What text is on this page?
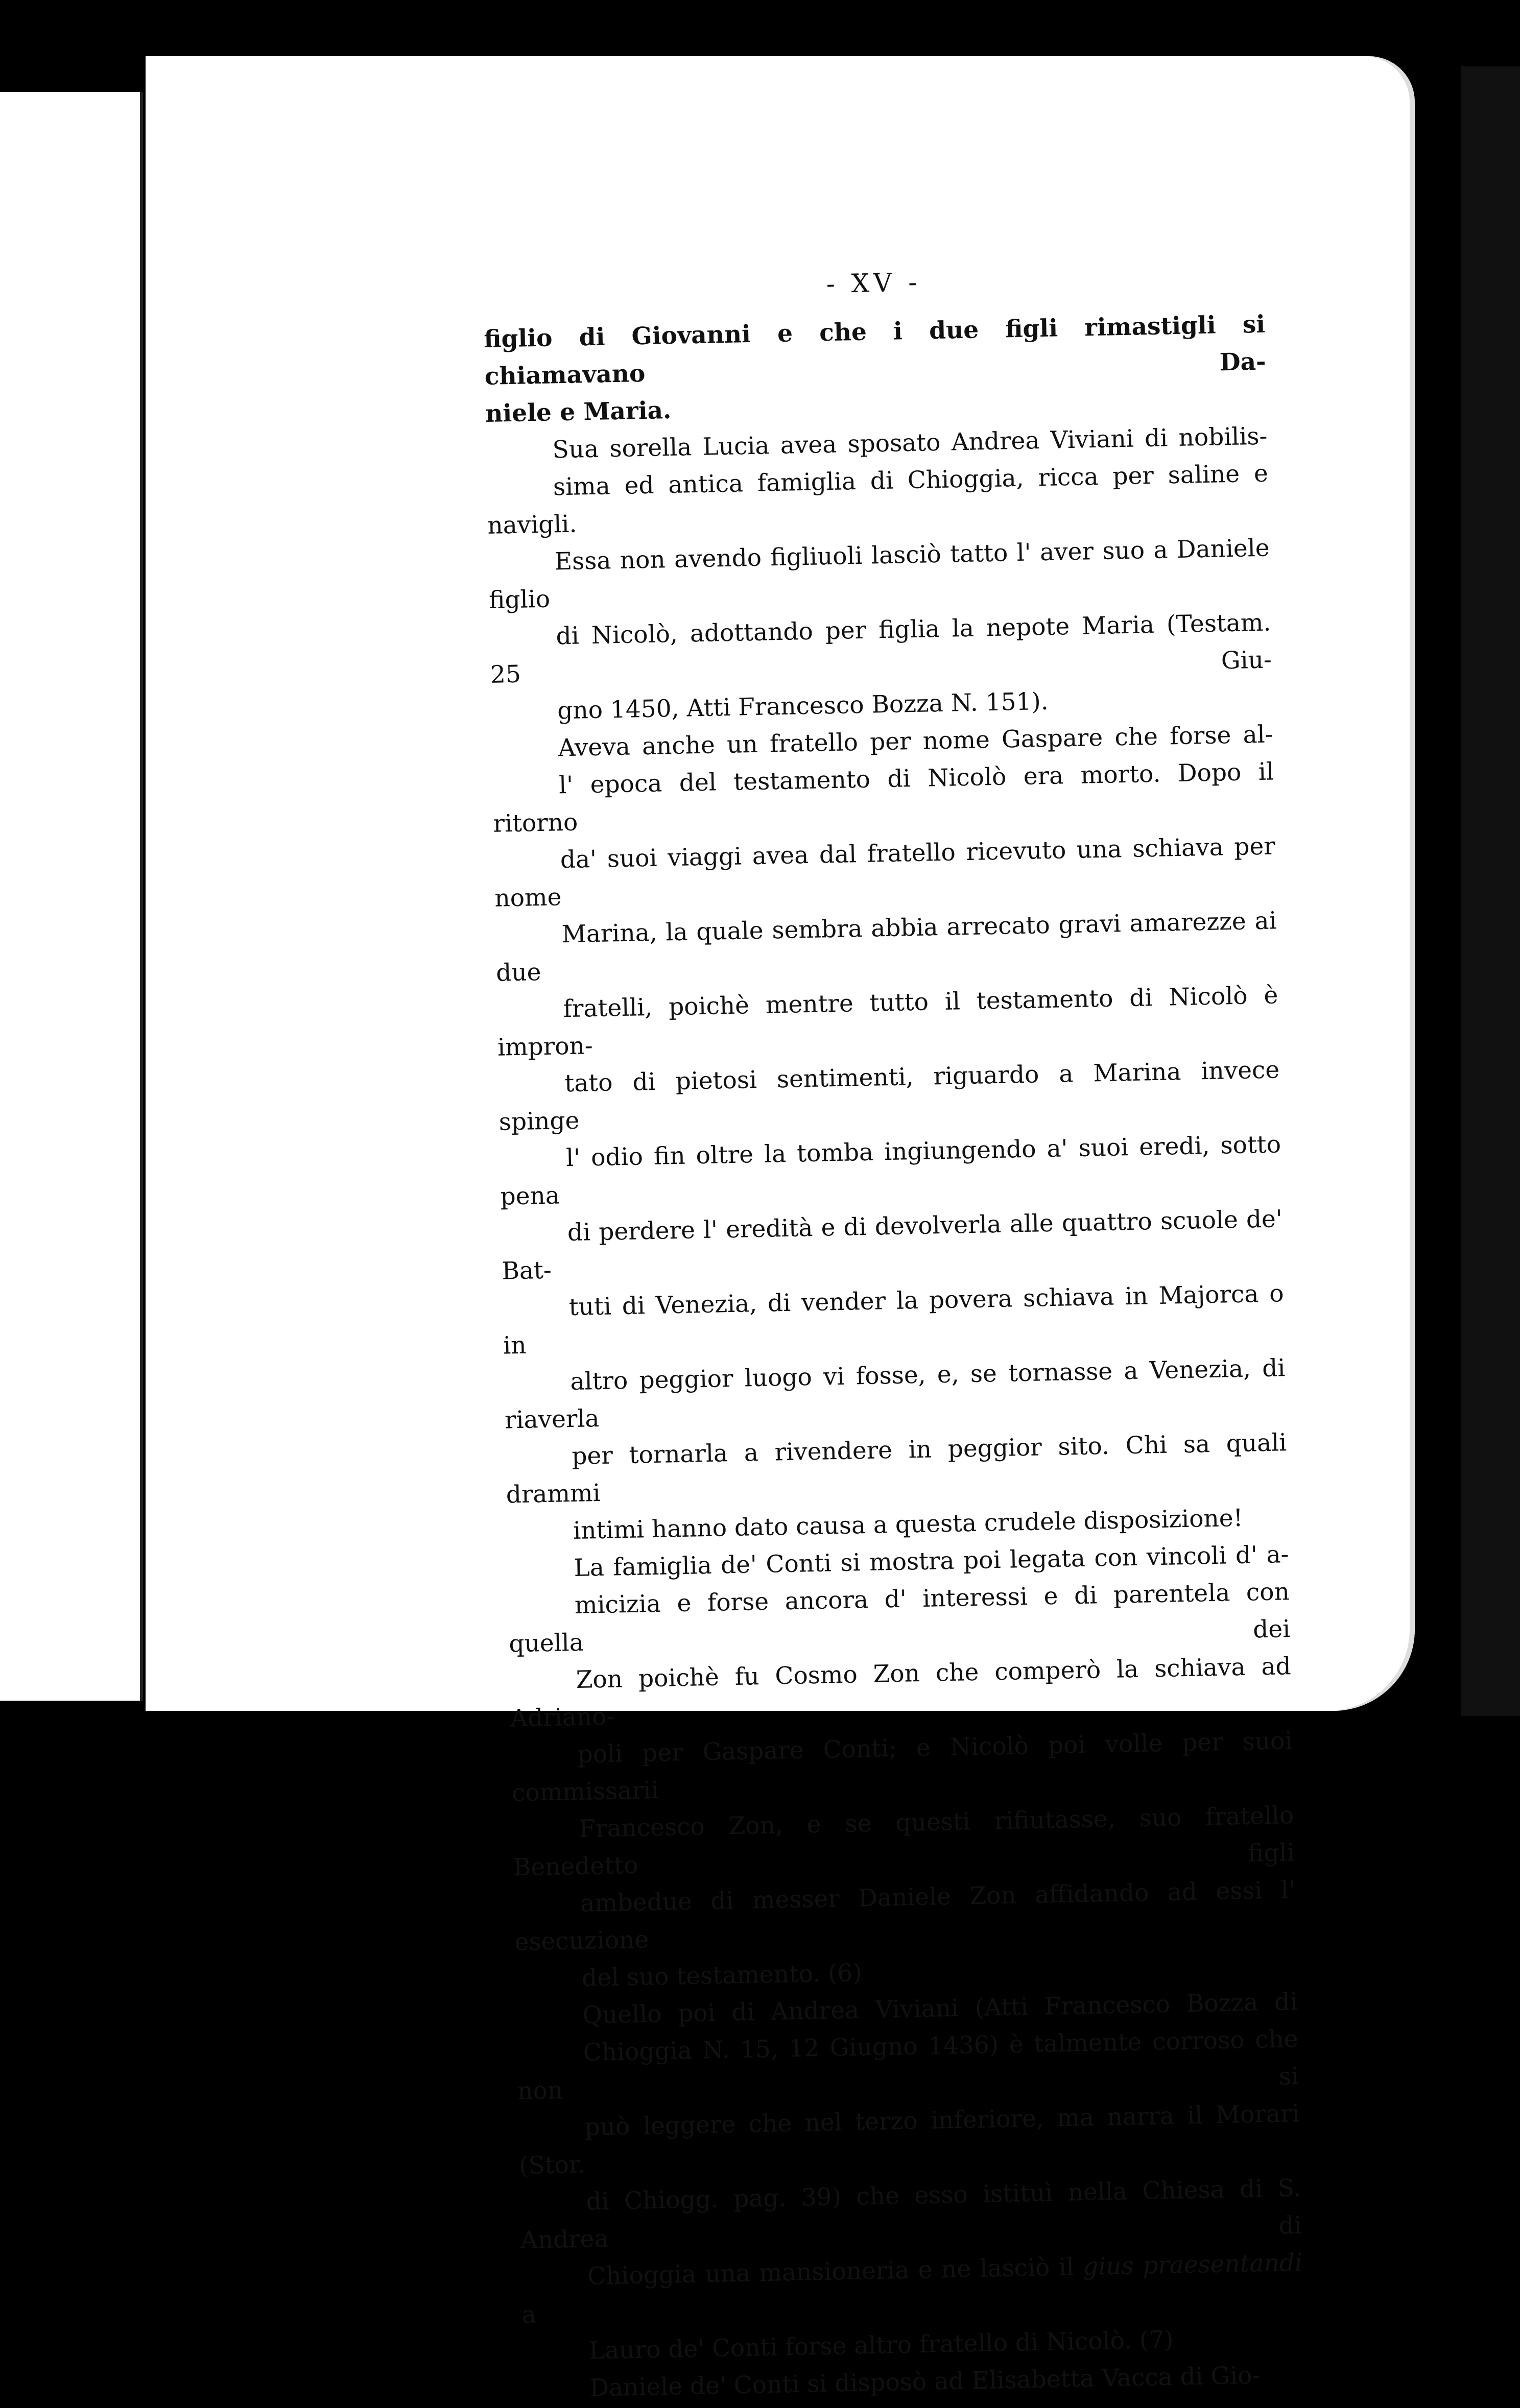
- XV -
figlio di Giovanni e che i due figli rimastigli si chiamavano Da-
niele e Maria.
Sua sorella Lucia avea sposato Andrea Viviani di nobilis-
sima ed antica famiglia di Chioggia, ricca per saline e navigli.
Essa non avendo figliuoli lasciò tatto l' aver suo a Daniele figlio
di Nicolò, adottando per figlia la nepote Maria (Testam. 25 Giu-
gno 1450, Atti Francesco Bozza N. 151).
Aveva anche un fratello per nome Gaspare che forse al-
l' epoca del testamento di Nicolò era morto. Dopo il ritorno
da' suoi viaggi avea dal fratello ricevuto una schiava per nome
Marina, la quale sembra abbia arrecato gravi amarezze ai due
fratelli, poichè mentre tutto il testamento di Nicolò è impron-
tato di pietosi sentimenti, riguardo a Marina invece spinge
l' odio fin oltre la tomba ingiungendo a' suoi eredi, sotto pena
di perdere l' eredità e di devolverla alle quattro scuole de' Bat-
tuti di Venezia, di vender la povera schiava in Majorca o in
altro peggior luogo vi fosse, e, se tornasse a Venezia, di riaverla
per tornarla a rivendere in peggior sito. Chi sa quali drammi
intimi hanno dato causa a questa crudele disposizione!
La famiglia de' Conti si mostra poi legata con vincoli d' a-
micizia e forse ancora d' interessi e di parentela con quella dei
Zon poichè fu Cosmo Zon che comperò la schiava ad Adriano-
poli per Gaspare Conti; e Nicolò poi volle per suoi commissarii
Francesco Zon, e se questi rifiutasse, suo fratello Benedetto figli
ambedue di messer Daniele Zon affidando ad essi l' esecuzione
del suo testamento. (6)
Quello poi di Andrea Viviani (Atti Francesco Bozza di
Chioggia N. 15, 12 Giugno 1436) è talmente corroso che non si
può leggere che nel terzo inferiore, ma narra il Morari (Stor.
di Chiogg. pag. 39) che esso istituì nella Chiesa di S. Andrea di
Chioggia una mansioneria e ne lasciò il gius praesentandi a
Lauro de' Conti forse altro fratello di Nicolò. (7)
Daniele de' Conti si disposò ad Elisabetta Vacca di Gio-
